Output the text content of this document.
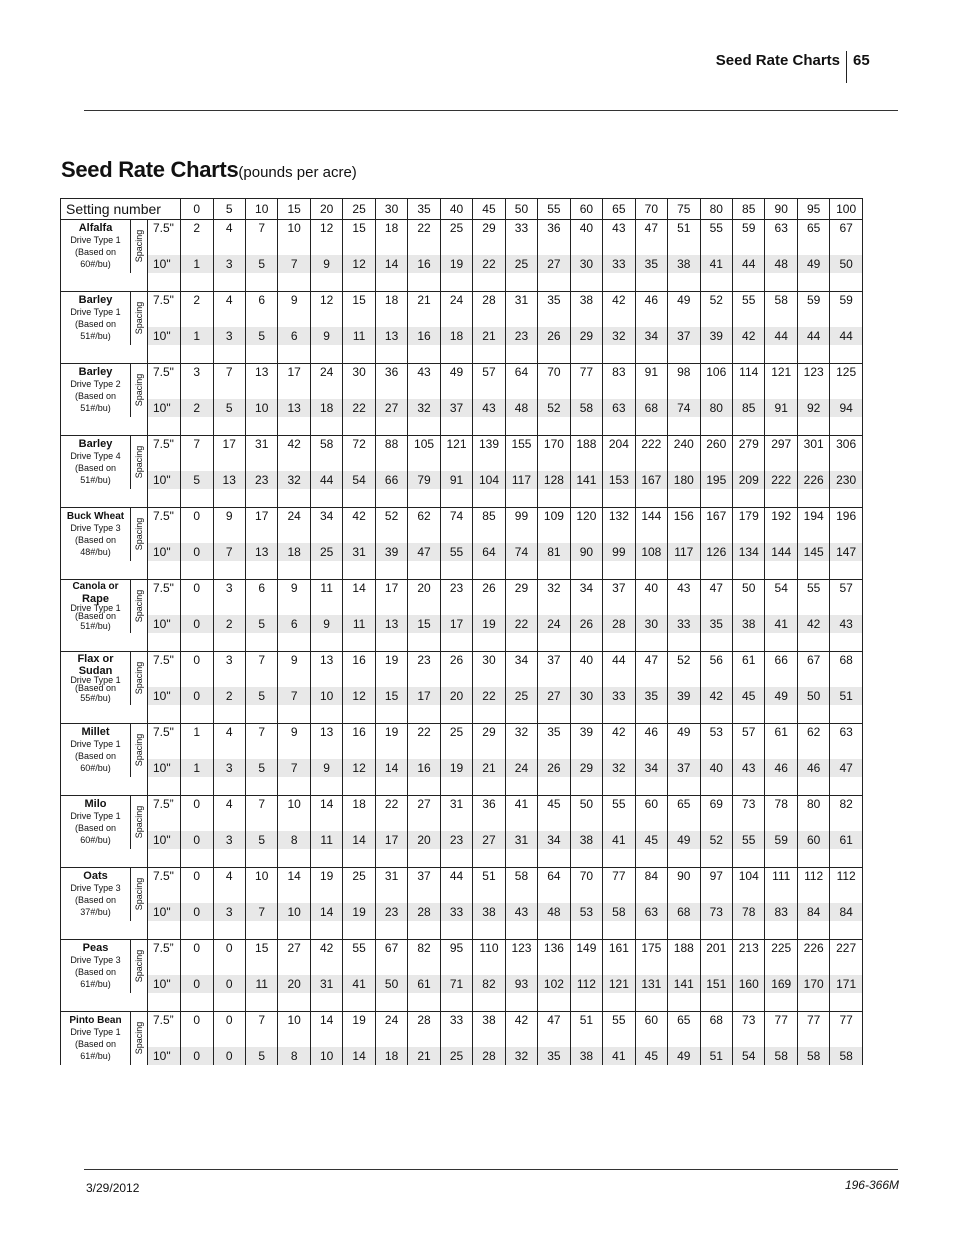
Seed Rate Charts 65
Seed Rate Charts(pounds per acre)
Setting number			0	5	10	15	20	25	30	35	40	45	50	55	60	65	70	75	80	85	90	95	100

Alfalfa
Drive Type 1
(Based on
60#/bu)	Spacing	7.5"	2	4	7	10	12	15	18	22	25	29	33	36	40	43	47	51	55	59	63	65	67
		10"	1	3	5	7	9	12	14	16	19	22	25	27	30	33	35	38	41	44	48	49	50

Barley
Drive Type 1
(Based on
51#/bu)	Spacing	7.5"	2	4	6	9	12	15	18	21	24	28	31	35	38	42	46	49	52	55	58	59	59
		10"	1	3	5	6	9	11	13	16	18	21	23	26	29	32	34	37	39	42	44	44	44

Barley
Drive Type 2
(Based on
51#/bu)	Spacing	7.5"	3	7	13	17	24	30	36	43	49	57	64	70	77	83	91	98	106	114	121	123	125
		10"	2	5	10	13	18	22	27	32	37	43	48	52	58	63	68	74	80	85	91	92	94

Barley
Drive Type 4
(Based on
51#/bu)	Spacing	7.5"	7	17	31	42	58	72	88	105	121	139	155	170	188	204	222	240	260	279	297	301	306
		10"	5	13	23	32	44	54	66	79	91	104	117	128	141	153	167	180	195	209	222	226	230

Buck Wheat
Drive Type 3
(Based on
48#/bu)	Spacing	7.5"	0	9	17	24	34	42	52	62	74	85	99	109	120	132	144	156	167	179	192	194	196
		10"	0	7	13	18	25	31	39	47	55	64	74	81	90	99	108	117	126	134	144	145	147

Canola or
Rape
Drive Type 1
(Based on
51#/bu)	Spacing	7.5"	0	3	6	9	11	14	17	20	23	26	29	32	34	37	40	43	47	50	54	55	57
		10"	0	2	5	6	9	11	13	15	17	19	22	24	26	28	30	33	35	38	41	42	43

Flax or
Sudan
Drive Type 1
(Based on
55#/bu)	Spacing	7.5"	0	3	7	9	13	16	19	23	26	30	34	37	40	44	47	52	56	61	66	67	68
		10"	0	2	5	7	10	12	15	17	20	22	25	27	30	33	35	39	42	45	49	50	51

Millet
Drive Type 1
(Based on
60#/bu)	Spacing	7.5"	1	4	7	9	13	16	19	22	25	29	32	35	39	42	46	49	53	57	61	62	63
		10"	1	3	5	7	9	12	14	16	19	21	24	26	29	32	34	37	40	43	46	46	47

Milo
Drive Type 1
(Based on
60#/bu)	Spacing	7.5”	0	4	7	10	14	18	22	27	31	36	41	45	50	55	60	65	69	73	78	80	82
		10"	0	3	5	8	11	14	17	20	23	27	31	34	38	41	45	49	52	55	59	60	61

Oats
Drive Type 3
(Based on
37#/bu)	Spacing	7.5"	0	4	10	14	19	25	31	37	44	51	58	64	70	77	84	90	97	104	111	112	112
		10"	0	3	7	10	14	19	23	28	33	38	43	48	53	58	63	68	73	78	83	84	84

Peas
Drive Type 3
(Based on
61#/bu)	Spacing	7.5”	0	0	15	27	42	55	67	82	95	110	123	136	149	161	175	188	201	213	225	226	227
		10"	0	0	11	20	31	41	50	61	71	82	93	102	112	121	131	141	151	160	169	170	171

Pinto Bean
Drive Type 1
(Based on
61#/bu)	Spacing	7.5”	0	0	7	10	14	19	24	28	33	38	42	47	51	55	60	65	68	73	77	77	77
		10"	0	0	5	8	10	14	18	21	25	28	32	35	38	41	45	49	51	54	58	58	58
3/29/2012	196-366M
